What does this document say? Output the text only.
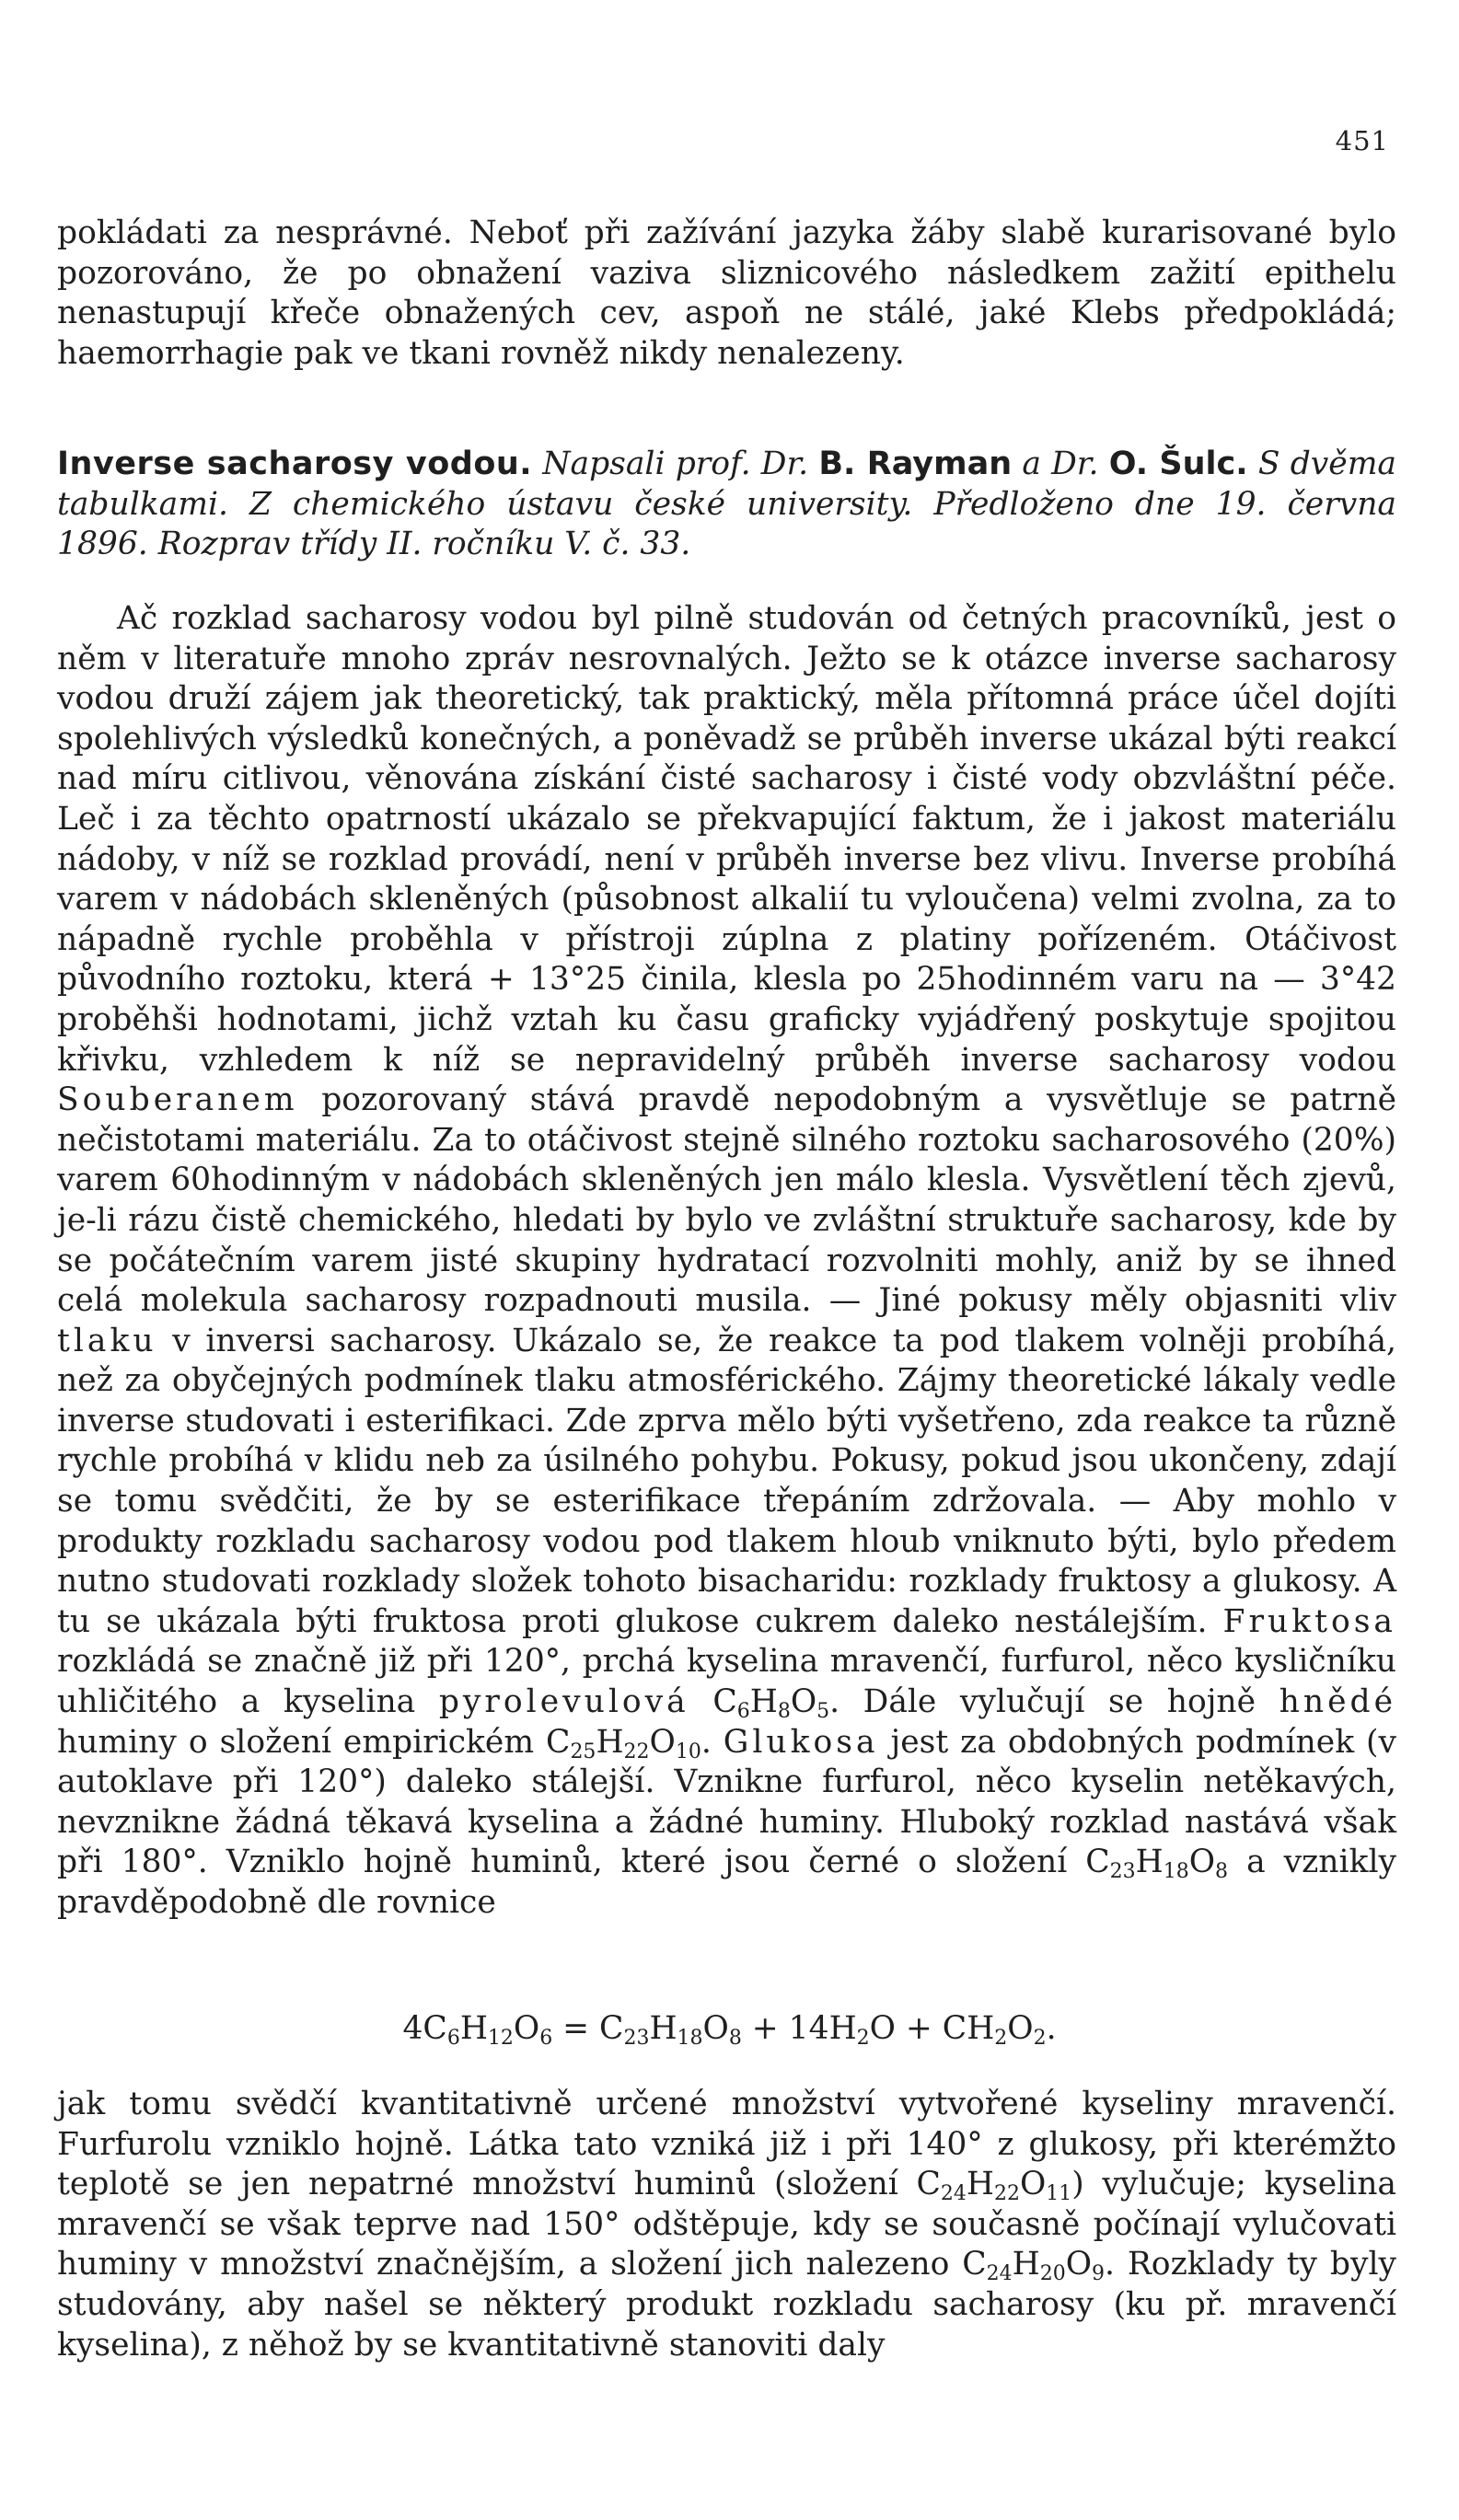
451

pokládati za nesprávné. Neboť při zažívání jazyka žáby slabě kurarisované bylo pozorováno, že po obnažení vaziva sliznicového následkem zažití epithelu nenastupují křeče obnažených cev, aspoň ne stálé, jaké Klebs předpokládá; haemorrhagie pak ve tkani rovněž nikdy nenalezeny.

Inverse sacharosy vodou. Napsali prof. Dr. B. Rayman a Dr. O. Šulc. S dvěma tabulkami. Z chemického ústavu české university. Předloženo dne 19. června 1896. Rozprav třídy II. ročníku V. č. 33.

Ač rozklad sacharosy vodou byl pilně studován od četných pracovníků, jest o něm v literatuře mnoho zpráv nesrovnalých. Ježto se k otázce inverse sacharosy vodou druží zájem jak theoretický, tak praktický, měla přítomná práce účel dojíti spolehlivých výsledků konečných, a poněvadž se průběh inverse ukázal býti reakcí nad míru citlivou, věnována získání čisté sacharosy i čisté vody obzvláštní péče. Leč i za těchto opatrností ukázalo se překvapující faktum, že i jakost materiálu nádoby, v níž se rozklad provádí, není v průběh inverse bez vlivu. Inverse probíhá varem v nádobách skleněných (působnost alkalií tu vyloučena) velmi zvolna, za to nápadně rychle proběhla v přístroji zúplna z platiny pořízeném. Otáčivost původního roztoku, která + 13°25 činila, klesla po 25hodinném varu na — 3°42 proběhši hodnotami, jichž vztah ku času graficky vyjádřený poskytuje spojitou křivku, vzhledem k níž se nepravidelný průběh inverse sacharosy vodou Souberanem pozorovaný stává pravdě nepodobným a vysvětluje se patrně nečistotami materiálu. Za to otáčivost stejně silného roztoku sacharosového (20%) varem 60hodinným v nádobách skleněných jen málo klesla. Vysvětlení těch zjevů, je-li rázu čistě chemického, hledati by bylo ve zvláštní struktuře sacharosy, kde by se počátečním varem jisté skupiny hydratací rozvolniti mohly, aniž by se ihned celá molekula sacharosy rozpadnouti musila. — Jiné pokusy měly objasniti vliv tlaku v inversi sacharosy. Ukázalo se, že reakce ta pod tlakem volněji probíhá, než za obyčejných podmínek tlaku atmosférického. Zájmy theoretické lákaly vedle inverse studovati i esterifikaci. Zde zprva mělo býti vyšetřeno, zda reakce ta různě rychle probíhá v klidu neb za úsilného pohybu. Pokusy, pokud jsou ukončeny, zdají se tomu svědčiti, že by se esterifikace třepáním zdržovala. — Aby mohlo v produkty rozkladu sacharosy vodou pod tlakem hloub vniknuto býti, bylo předem nutno studovati rozklady složek tohoto bisacharidu: rozklady fruktosy a glukosy. A tu se ukázala býti fruktosa proti glukose cukrem daleko nestálejším. Fruktosa rozkládá se značně již při 120°, prchá kyselina mravenčí, furfurol, něco kysličníku uhličitého a kyselina pyrolevulová $C_6H_8O_5$. Dále vylučují se hojně hnědé huminy o složení empirickém $C_{25}H_{22}O_{10}$. Glukosa jest za obdobných podmínek (v autoklave při 120°) daleko stálejší. Vznikne furfurol, něco kyselin netěkavých, nevznikne žádná těkavá kyselina a žádné huminy. Hluboký rozklad nastává však při 180°. Vzniklo hojně huminů, které jsou černé o složení $C_{23}H_{18}O_8$ a vznikly pravděpodobně dle rovnice

$4C_6H_{12}O_6 = C_{23}H_{18}O_8 + 14H_2O + CH_2O_2$.

jak tomu svědčí kvantitativně určené množství vytvořené kyseliny mravenčí. Furfurolu vzniklo hojně. Látka tato vzniká již i při 140° z glukosy, při kterémžto teplotě se jen nepatrné množství huminů (složení $C_{24}H_{22}O_{11}$) vylučuje; kyselina mravenčí se však teprve nad 150° odštěpuje, kdy se současně počínají vylučovati huminy v množství značnějším, a složení jich nalezeno $C_{24}H_{20}O_9$. Rozklady ty byly studovány, aby našel se některý produkt rozkladu sacharosy (ku př. mravenčí kyselina), z něhož by se kvantitativně stanoviti daly
